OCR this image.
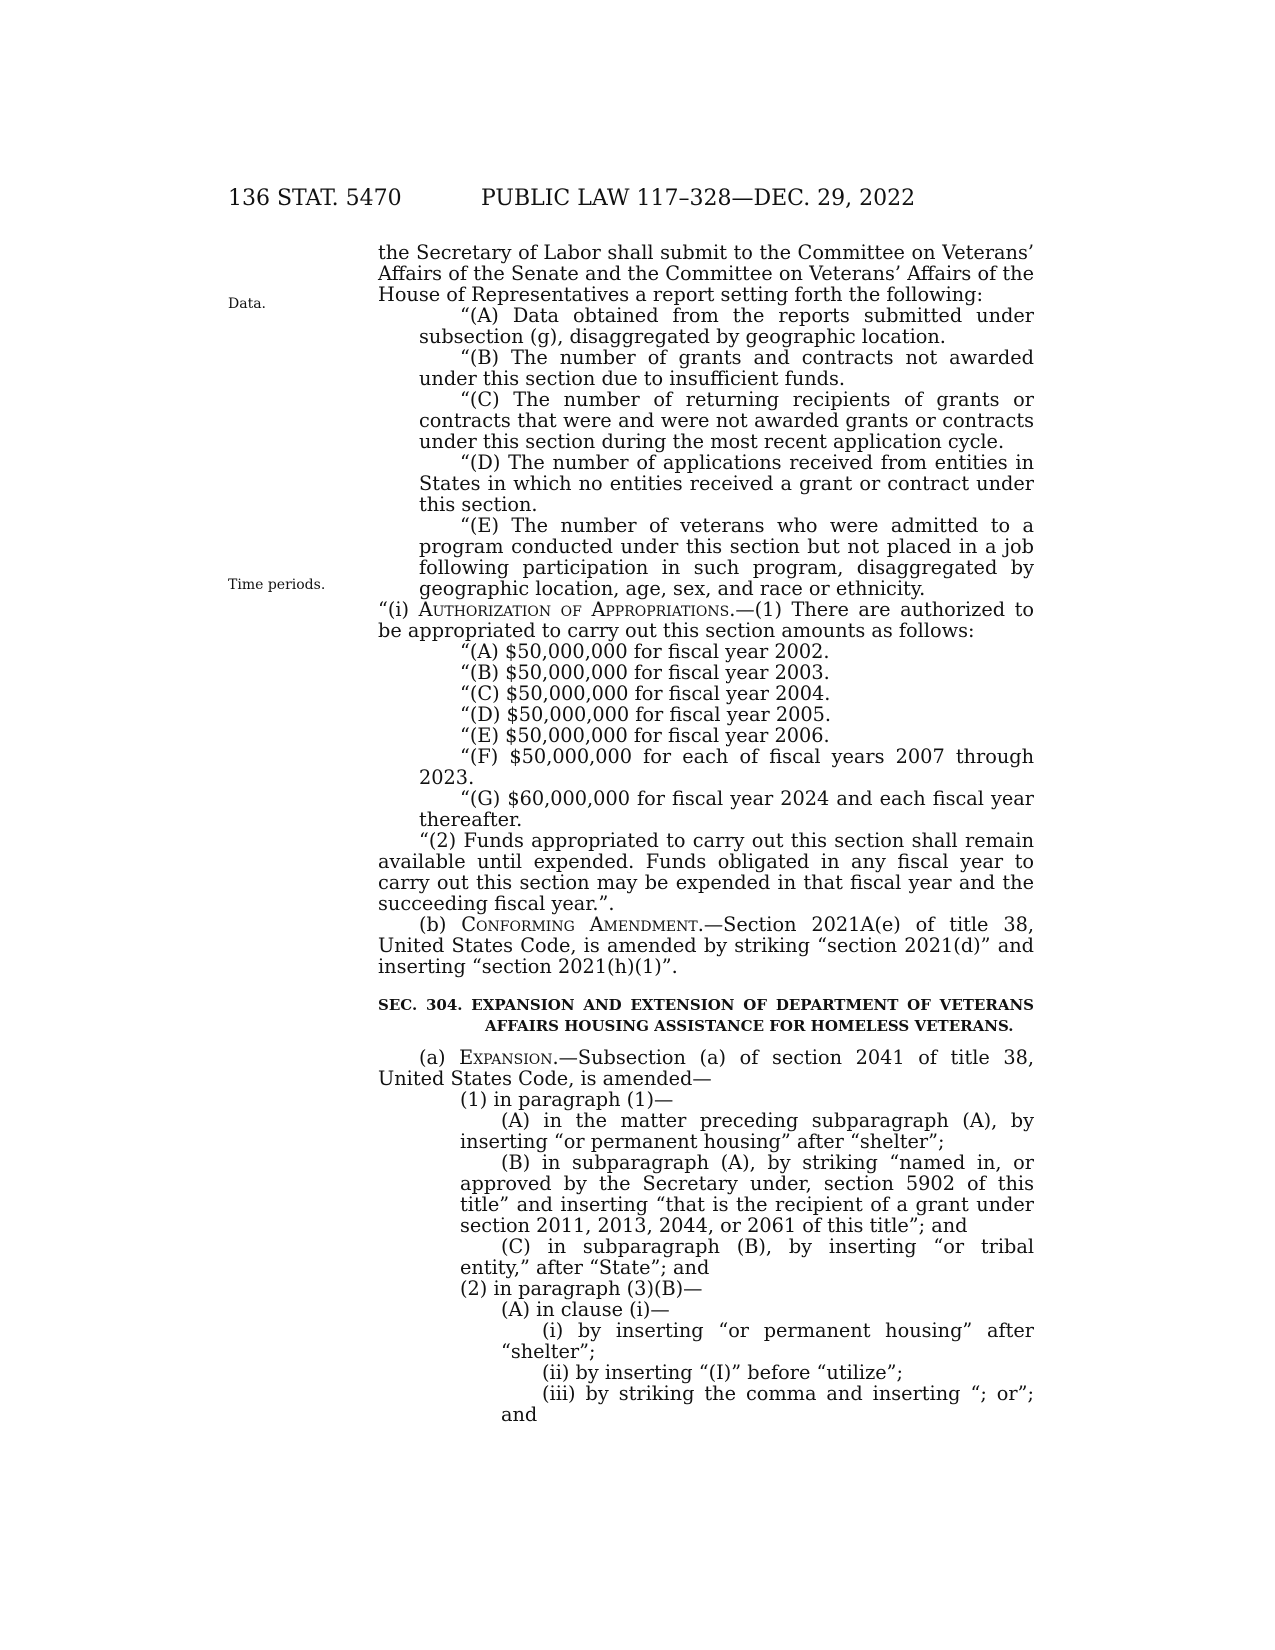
136 STAT. 5470	PUBLIC LAW 117–328—DEC. 29, 2022
Data.
Time periods.

the Secretary of Labor shall submit to the Committee on Veterans’ Affairs of the Senate and the Committee on Veterans’ Affairs of the House of Representatives a report setting forth the following:

“(A) Data obtained from the reports submitted under subsection (g), disaggregated by geographic location.

“(B) The number of grants and contracts not awarded under this section due to insufficient funds.

“(C) The number of returning recipients of grants or contracts that were and were not awarded grants or contracts under this section during the most recent application cycle.

“(D) The number of applications received from entities in States in which no entities received a grant or contract under this section.

“(E) The number of veterans who were admitted to a program conducted under this section but not placed in a job following participation in such program, disaggregated by geographic location, age, sex, and race or ethnicity.

“(i) Authorization of Appropriations.—(1) There are authorized to be appropriated to carry out this section amounts as follows:

“(A) $50,000,000 for fiscal year 2002.

“(B) $50,000,000 for fiscal year 2003.

“(C) $50,000,000 for fiscal year 2004.

“(D) $50,000,000 for fiscal year 2005.

“(E) $50,000,000 for fiscal year 2006.

“(F) $50,000,000 for each of fiscal years 2007 through 2023.

“(G) $60,000,000 for fiscal year 2024 and each fiscal year thereafter.

“(2) Funds appropriated to carry out this section shall remain available until expended. Funds obligated in any fiscal year to carry out this section may be expended in that fiscal year and the succeeding fiscal year.”.

(b) Conforming Amendment.—Section 2021A(e) of title 38, United States Code, is amended by striking “section 2021(d)” and inserting “section 2021(h)(1)”.

SEC. 304. EXPANSION AND EXTENSION OF DEPARTMENT OF VETERANS AFFAIRS HOUSING ASSISTANCE FOR HOMELESS VETERANS.

(a) Expansion.—Subsection (a) of section 2041 of title 38, United States Code, is amended—

(1) in paragraph (1)—

(A) in the matter preceding subparagraph (A), by inserting “or permanent housing” after “shelter”;

(B) in subparagraph (A), by striking “named in, or approved by the Secretary under, section 5902 of this title” and inserting “that is the recipient of a grant under section 2011, 2013, 2044, or 2061 of this title”; and

(C) in subparagraph (B), by inserting “or tribal entity,” after “State”; and

(2) in paragraph (3)(B)—

(A) in clause (i)—

(i) by inserting “or permanent housing” after “shelter”;

(ii) by inserting “(I)” before “utilize”;

(iii) by striking the comma and inserting “; or”; and
